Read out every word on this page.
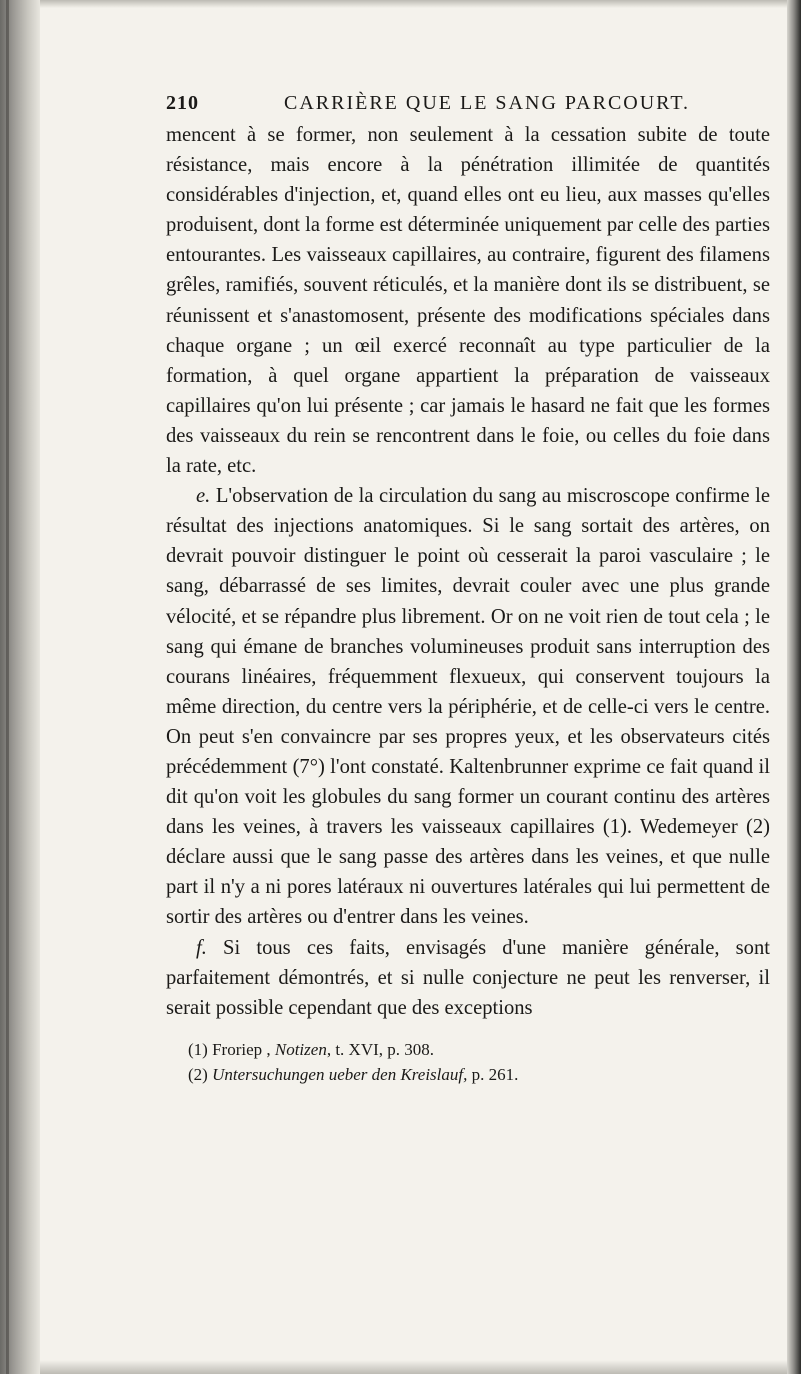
210	CARRIÈRE QUE LE SANG PARCOURT.

mencent à se former, non seulement à la cessation subite de toute résistance, mais encore à la pénétration illimitée de quantités considérables d'injection, et, quand elles ont eu lieu, aux masses qu'elles produisent, dont la forme est déterminée uniquement par celle des parties entourantes. Les vaisseaux capillaires, au contraire, figurent des filamens grêles, ramifiés, souvent réticulés, et la manière dont ils se distribuent, se réunissent et s'anastomosent, présente des modifications spéciales dans chaque organe ; un œil exercé reconnaît au type particulier de la formation, à quel organe appartient la préparation de vaisseaux capillaires qu'on lui présente ; car jamais le hasard ne fait que les formes des vaisseaux du rein se rencontrent dans le foie, ou celles du foie dans la rate, etc.

e. L'observation de la circulation du sang au miscroscope confirme le résultat des injections anatomiques. Si le sang sortait des artères, on devrait pouvoir distinguer le point où cesserait la paroi vasculaire ; le sang, débarrassé de ses limites, devrait couler avec une plus grande vélocité, et se répandre plus librement. Or on ne voit rien de tout cela ; le sang qui émane de branches volumineuses produit sans interruption des courans linéaires, fréquemment flexueux, qui conservent toujours la même direction, du centre vers la périphérie, et de celle-ci vers le centre. On peut s'en convaincre par ses propres yeux, et les observateurs cités précédemment (7°) l'ont constaté. Kaltenbrunner exprime ce fait quand il dit qu'on voit les globules du sang former un courant continu des artères dans les veines, à travers les vaisseaux capillaires (1). Wedemeyer (2) déclare aussi que le sang passe des artères dans les veines, et que nulle part il n'y a ni pores latéraux ni ouvertures latérales qui lui permettent de sortir des artères ou d'entrer dans les veines.

f. Si tous ces faits, envisagés d'une manière générale, sont parfaitement démontrés, et si nulle conjecture ne peut les renverser, il serait possible cependant que des exceptions

(1) Froriep , Notizen, t. XVI, p. 308.

(2) Untersuchungen ueber den Kreislauf, p. 261.
